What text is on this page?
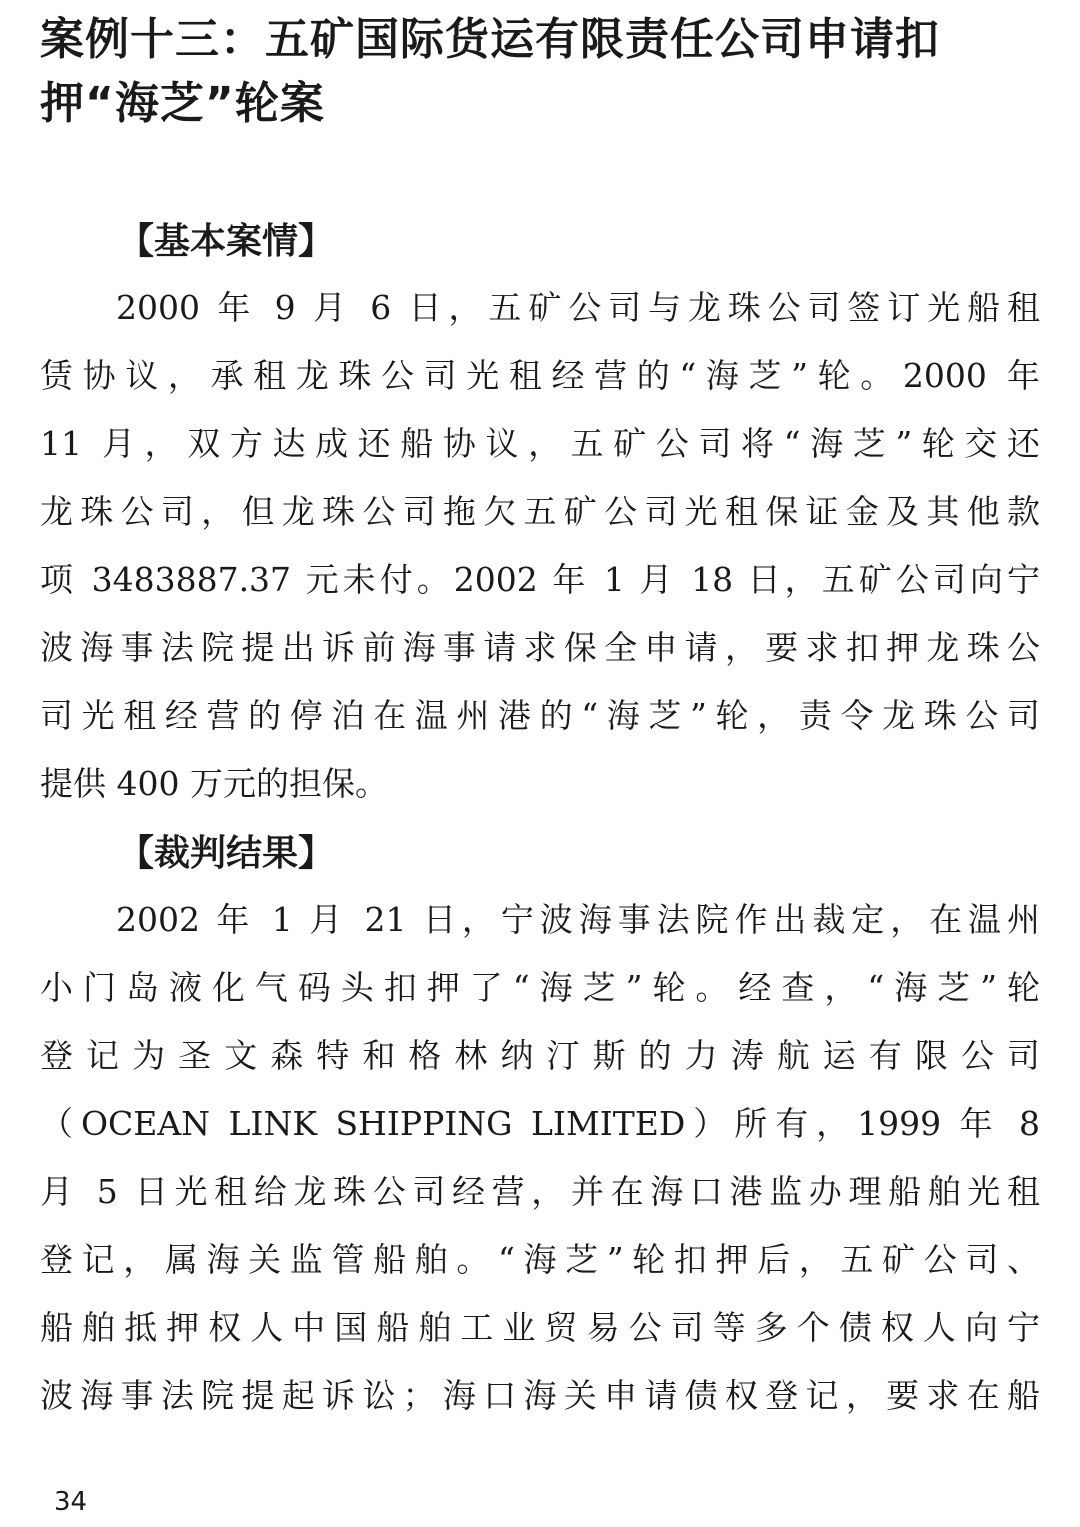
案例十三：五矿国际货运有限责任公司申请扣
押“海芝”轮案
【基本案情】
2000 年 9 月 6 日，五矿公司与龙珠公司签订光船租
赁协议，承租龙珠公司光租经营的“海芝”轮。2000 年
11 月，双方达成还船协议，五矿公司将“海芝”轮交还
龙珠公司，但龙珠公司拖欠五矿公司光租保证金及其他款
项 3483887.37 元未付。2002 年 1 月 18 日，五矿公司向宁
波海事法院提出诉前海事请求保全申请，要求扣押龙珠公
司光租经营的停泊在温州港的“海芝”轮，责令龙珠公司
提供 400 万元的担保。
【裁判结果】
2002 年 1 月 21 日，宁波海事法院作出裁定，在温州
小门岛液化气码头扣押了“海芝”轮。经查，“海芝”轮
登记为圣文森特和格林纳汀斯的力涛航运有限公司
（OCEAN LINK SHIPPING LIMITED）所有，1999 年 8
月 5 日光租给龙珠公司经营，并在海口港监办理船舶光租
登记，属海关监管船舶。“海芝”轮扣押后，五矿公司、
船舶抵押权人中国船舶工业贸易公司等多个债权人向宁
波海事法院提起诉讼；海口海关申请债权登记，要求在船
34
